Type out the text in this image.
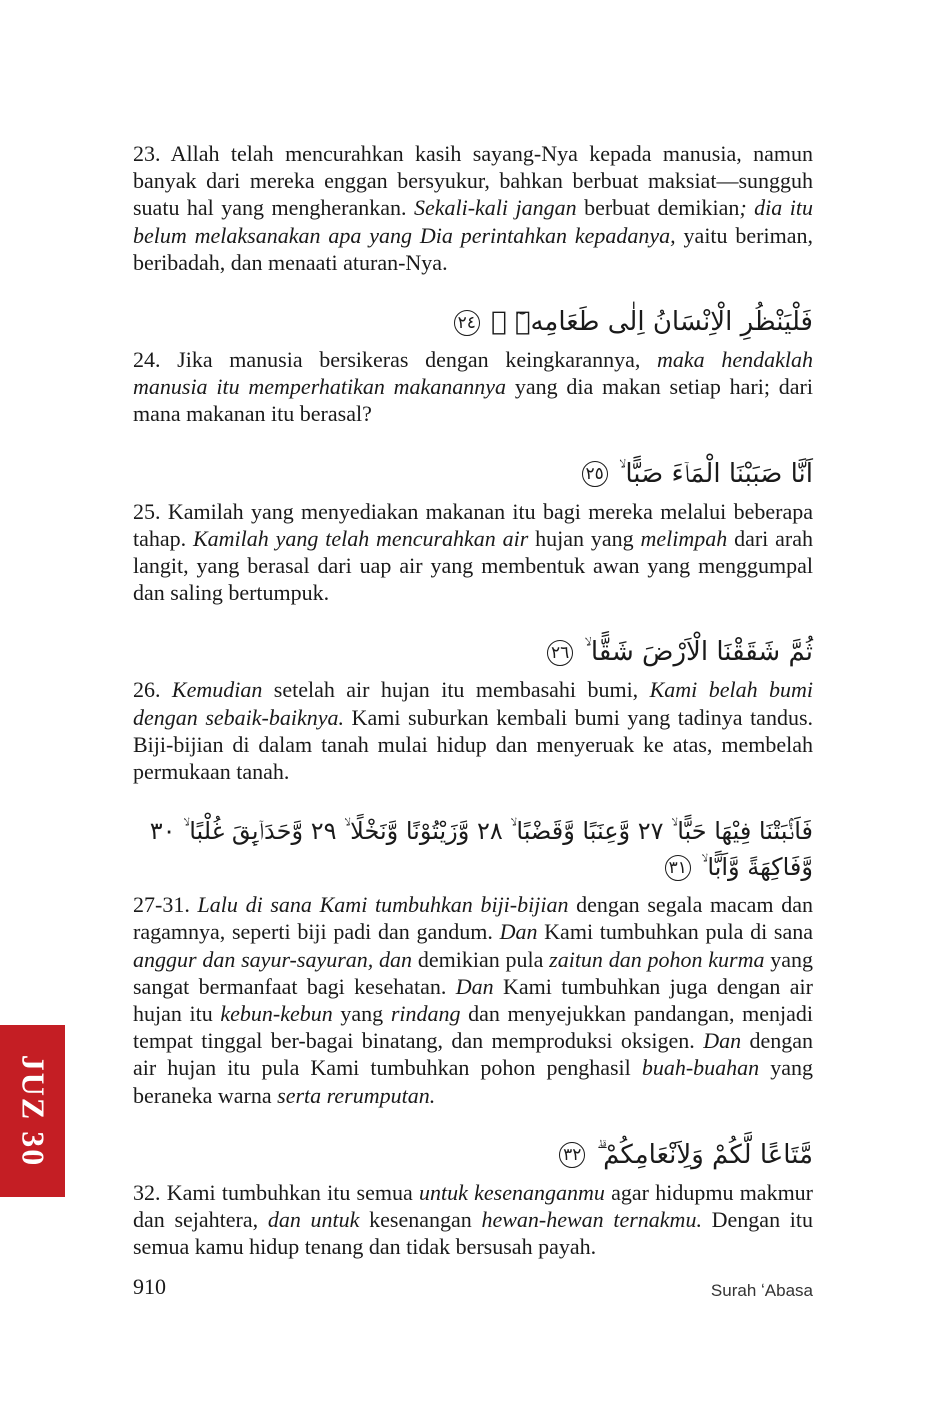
23. Allah telah mencurahkan kasih sayang-Nya kepada manusia, namun banyak dari mereka enggan bersyukur, bahkan berbuat maksiat—sungguh suatu hal yang mengherankan. Sekali-kali jangan berbuat demikian; dia itu belum melaksanakan apa yang Dia perintahkan kepadanya, yaitu beriman, beribadah, dan menaati aturan-Nya.

فَلْيَنْظُرِ الْاِنْسَانُ اِلٰى طَعَامِهٖٓ ۙ ٢٤

24. Jika manusia bersikeras dengan keingkarannya, maka hendaklah manusia itu memperhatikan makanannya yang dia makan setiap hari; dari mana makanan itu berasal?

اَنَّا صَبَبْنَا الْمَاۤءَ صَبًّا ۙ ٢٥

25. Kamilah yang menyediakan makanan itu bagi mereka melalui beberapa tahap. Kamilah yang telah mencurahkan air hujan yang melimpah dari arah langit, yang berasal dari uap air yang membentuk awan yang menggumpal dan saling bertumpuk.

ثُمَّ شَقَقْنَا الْاَرْضَ شَقًّا ۙ ٢٦

26. Kemudian setelah air hujan itu membasahi bumi, Kami belah bumi dengan sebaik-baiknya. Kami suburkan kembali bumi yang tadinya tandus. Biji-bijian di dalam tanah mulai hidup dan menyeruak ke atas, membelah permukaan tanah.

فَاَنْۢبَتْنَا فِيْهَا حَبًّا ۙ ٢٧ وَّعِنَبًا وَّقَضْبًا ۙ ٢٨ وَّزَيْتُوْنًا وَّنَخْلًا ۙ ٢٩ وَّحَدَاۤىِٕقَ غُلْبًا ۙ ٣٠ وَّفَاكِهَةً وَّاَبًّا ۙ ٣١

27-31. Lalu di sana Kami tumbuhkan biji-bijian dengan segala macam dan ragamnya, seperti biji padi dan gandum. Dan Kami tumbuhkan pula di sana anggur dan sayur-sayuran, dan demikian pula zaitun dan pohon kurma yang sangat bermanfaat bagi kesehatan. Dan Kami tumbuhkan juga dengan air hujan itu kebun-kebun yang rindang dan menyejukkan pandangan, menjadi tempat tinggal ber-bagai binatang, dan memproduksi oksigen. Dan dengan air hujan itu pula Kami tumbuhkan pohon penghasil buah-buahan yang beraneka warna serta rerumputan.

مَّتَاعًا لَّكُمْ وَلِاَنْعَامِكُمْ ۗ ٣٢

32. Kami tumbuhkan itu semua untuk kesenanganmu agar hidupmu makmur dan sejahtera, dan untuk kesenangan hewan-hewan ternakmu. Dengan itu semua kamu hidup tenang dan tidak bersusah payah.

JUZ 30
910	Surah ʻAbasa
